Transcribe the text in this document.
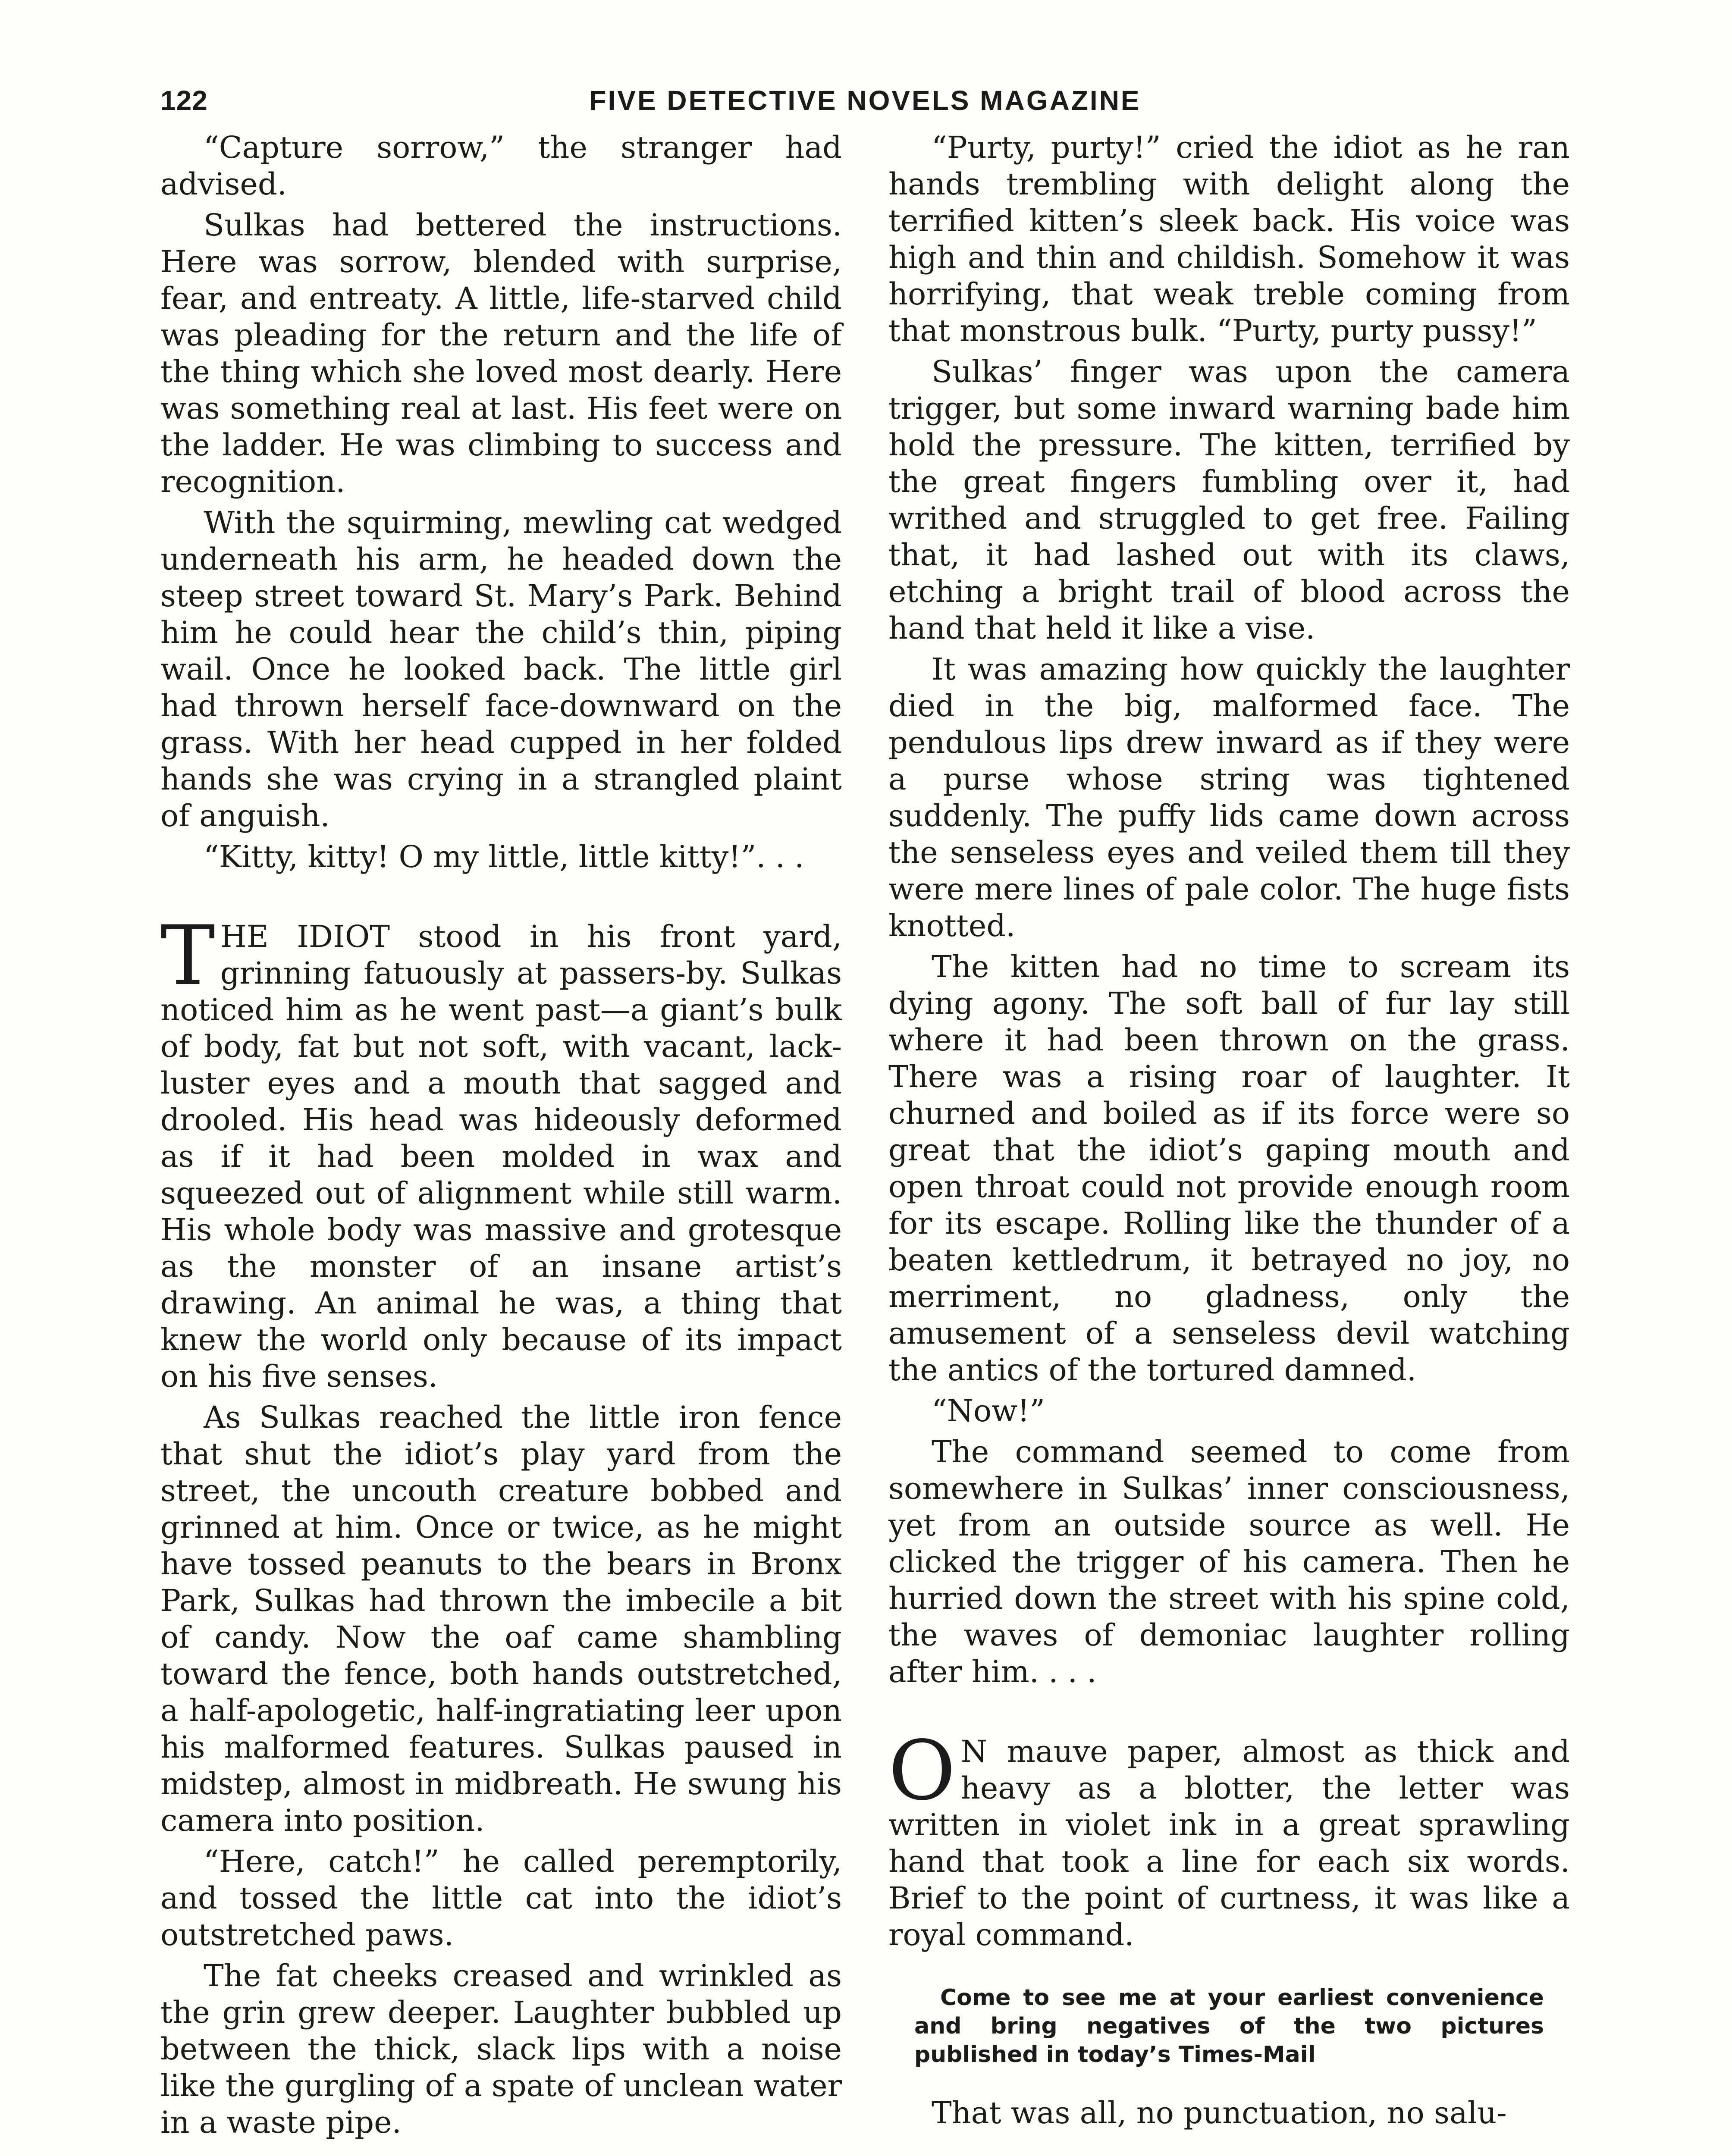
122	FIVE DETECTIVE NOVELS MAGAZINE

“Capture sorrow,” the stranger had advised.

Sulkas had bettered the instructions. Here was sorrow, blended with surprise, fear, and entreaty. A little, life-starved child was pleading for the return and the life of the thing which she loved most dearly. Here was something real at last. His feet were on the ladder. He was climbing to success and recognition.

With the squirming, mewling cat wedged underneath his arm, he headed down the steep street toward St. Mary’s Park. Behind him he could hear the child’s thin, piping wail. Once he looked back. The little girl had thrown herself face-downward on the grass. With her head cupped in her folded hands she was crying in a strangled plaint of anguish.

“Kitty, kitty! O my little, little kitty!”. . .

THE IDIOT stood in his front yard, grinning fatuously at passers-by. Sulkas noticed him as he went past—a giant’s bulk of body, fat but not soft, with vacant, lack-luster eyes and a mouth that sagged and drooled. His head was hideously deformed as if it had been molded in wax and squeezed out of alignment while still warm. His whole body was massive and grotesque as the monster of an insane artist’s drawing. An animal he was, a thing that knew the world only because of its impact on his five senses.

As Sulkas reached the little iron fence that shut the idiot’s play yard from the street, the uncouth creature bobbed and grinned at him. Once or twice, as he might have tossed peanuts to the bears in Bronx Park, Sulkas had thrown the imbecile a bit of candy. Now the oaf came shambling toward the fence, both hands outstretched, a half-apologetic, half-ingratiating leer upon his malformed features. Sulkas paused in midstep, almost in midbreath. He swung his camera into position.

“Here, catch!” he called peremptorily, and tossed the little cat into the idiot’s outstretched paws.

The fat cheeks creased and wrinkled as the grin grew deeper. Laughter bubbled up between the thick, slack lips with a noise like the gurgling of a spate of unclean water in a waste pipe.

“Purty, purty!” cried the idiot as he ran hands trembling with delight along the terrified kitten’s sleek back. His voice was high and thin and childish. Somehow it was horrifying, that weak treble coming from that monstrous bulk. “Purty, purty pussy!”

Sulkas’ finger was upon the camera trigger, but some inward warning bade him hold the pressure. The kitten, terrified by the great fingers fumbling over it, had writhed and struggled to get free. Failing that, it had lashed out with its claws, etching a bright trail of blood across the hand that held it like a vise.

It was amazing how quickly the laughter died in the big, malformed face. The pendulous lips drew inward as if they were a purse whose string was tightened suddenly. The puffy lids came down across the senseless eyes and veiled them till they were mere lines of pale color. The huge fists knotted.

The kitten had no time to scream its dying agony. The soft ball of fur lay still where it had been thrown on the grass. There was a rising roar of laughter. It churned and boiled as if its force were so great that the idiot’s gaping mouth and open throat could not provide enough room for its escape. Rolling like the thunder of a beaten kettledrum, it betrayed no joy, no merriment, no gladness, only the amusement of a senseless devil watching the antics of the tortured damned.

“Now!”

The command seemed to come from somewhere in Sulkas’ inner consciousness, yet from an outside source as well. He clicked the trigger of his camera. Then he hurried down the street with his spine cold, the waves of demoniac laughter rolling after him. . . .

O N mauve paper, almost as thick and heavy as a blotter, the letter was written in violet ink in a great sprawling hand that took a line for each six words. Brief to the point of curtness, it was like a royal command.

Come to see me at your earliest convenience and bring negatives of the two pictures published in today’s Times-Mail

That was all, no punctuation, no salu-
